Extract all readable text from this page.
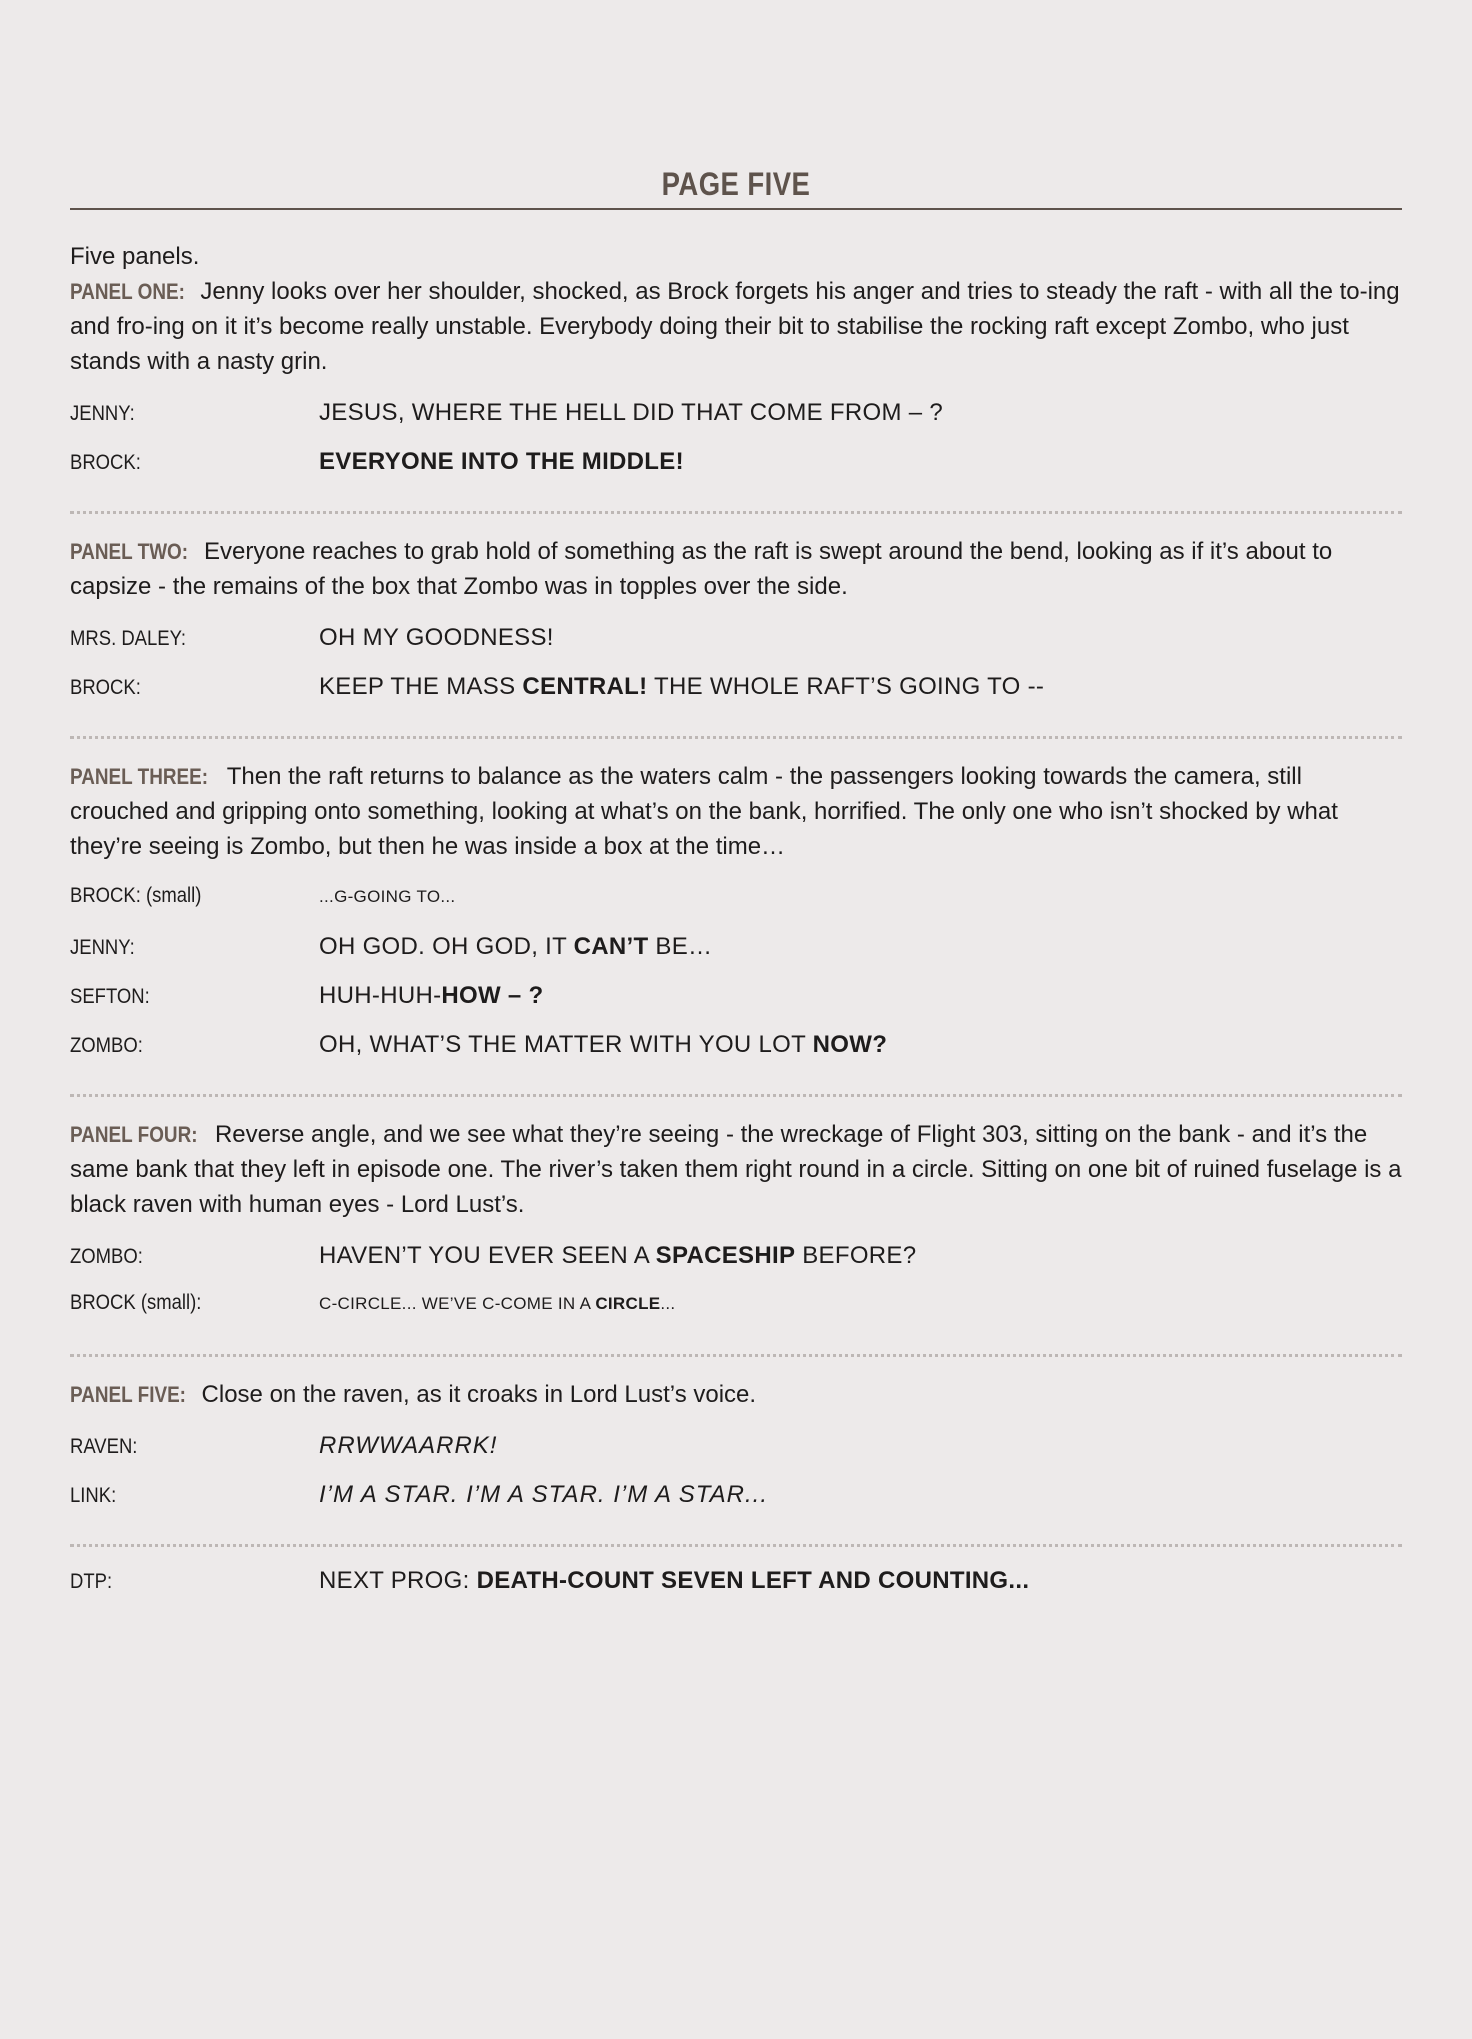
PAGE FIVE
Five panels.

PANEL ONE: Jenny looks over her shoulder, shocked, as Brock forgets his anger and tries to steady the raft - with all the to-ing and fro-ing on it it’s become really unstable. Everybody doing their bit to stabilise the rocking raft except Zombo, who just stands with a nasty grin.

JENNY:	JESUS, WHERE THE HELL DID THAT COME FROM – ?
BROCK:	EVERYONE INTO THE MIDDLE!

PANEL TWO: Everyone reaches to grab hold of something as the raft is swept around the bend, looking as if it’s about to capsize - the remains of the box that Zombo was in topples over the side.

MRS. DALEY:	OH MY GOODNESS!
BROCK:	KEEP THE MASS CENTRAL! THE WHOLE RAFT’S GOING TO --

PANEL THREE: Then the raft returns to balance as the waters calm - the passengers looking towards the camera, still crouched and gripping onto something, looking at what’s on the bank, horrified. The only one who isn’t shocked by what they’re seeing is Zombo, but then he was inside a box at the time…

BROCK: (small)	...G-GOING TO...
JENNY:	OH GOD. OH GOD, IT CAN’T BE…
SEFTON:	HUH-HUH-HOW – ?
ZOMBO:	OH, WHAT’S THE MATTER WITH YOU LOT NOW?

PANEL FOUR: Reverse angle, and we see what they’re seeing - the wreckage of Flight 303, sitting on the bank - and it’s the same bank that they left in episode one. The river’s taken them right round in a circle. Sitting on one bit of ruined fuselage is a black raven with human eyes - Lord Lust’s.

ZOMBO:	HAVEN’T YOU EVER SEEN A SPACESHIP BEFORE?
BROCK (small):	C-CIRCLE... WE’VE C-COME IN A CIRCLE...

PANEL FIVE: Close on the raven, as it croaks in Lord Lust’s voice.

RAVEN:	RRWWAARRK!
LINK:	I’M A STAR. I’M A STAR. I’M A STAR...
DTP:	NEXT PROG: DEATH-COUNT SEVEN LEFT AND COUNTING...
